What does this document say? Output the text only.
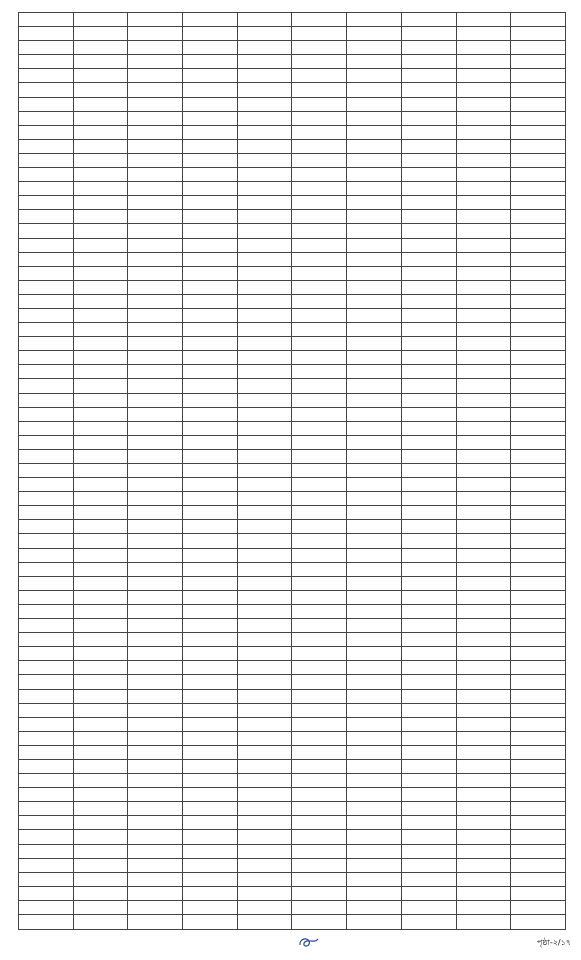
পৃষ্ঠা-২/১৭
